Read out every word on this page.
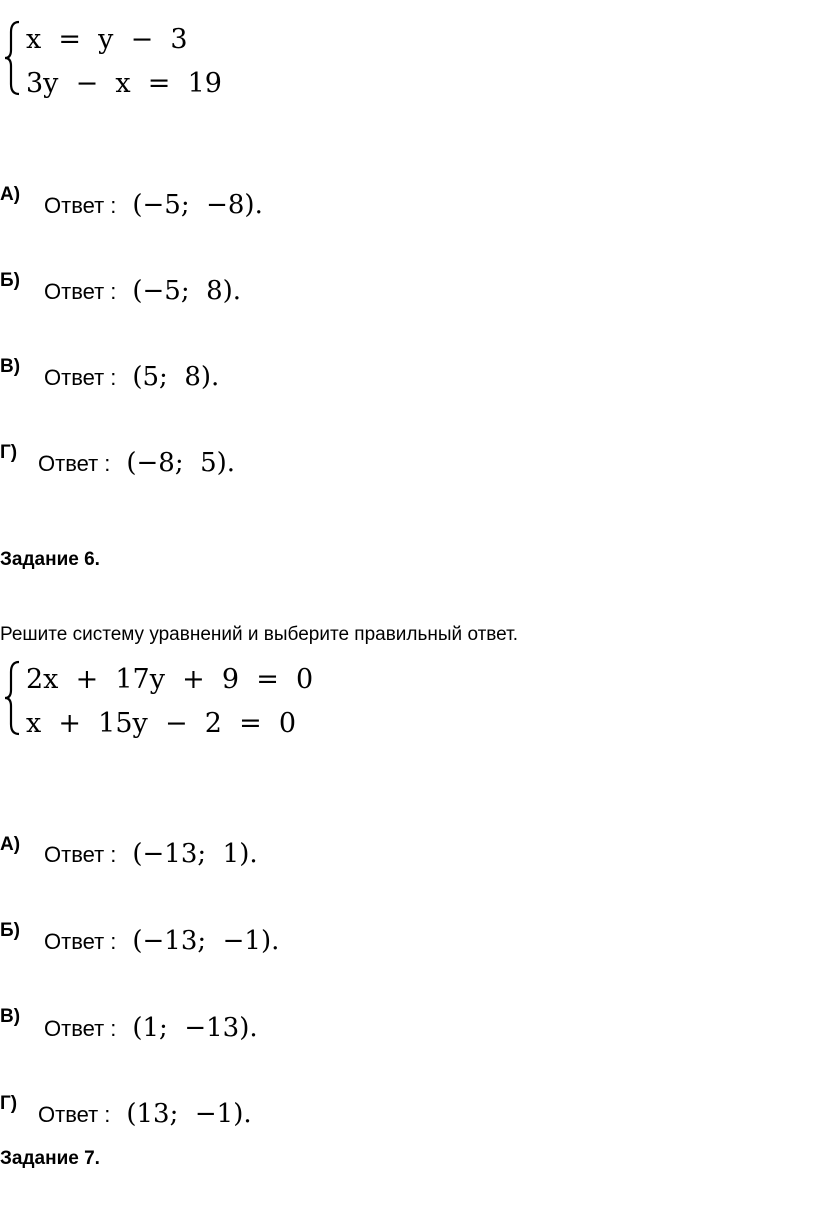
x  =  y  −  3
3y  −  x  =  19

Ответ : (−5;  −8).

А)

Ответ : (−5;  8).

Б)

Ответ : (5;  8).

В)

Ответ : (−8;  5).

Г)
Задание 6.
Решите систему уравнений и выберите правильный ответ.
2x  +  17y  +  9  =  0
x  +  15y  −  2  =  0

Ответ : (−13;  1).

А)

Ответ : (−13;  −1).

Б)

Ответ : (1;  −13).

В)

Ответ : (13;  −1).

Г)
Задание 7.
